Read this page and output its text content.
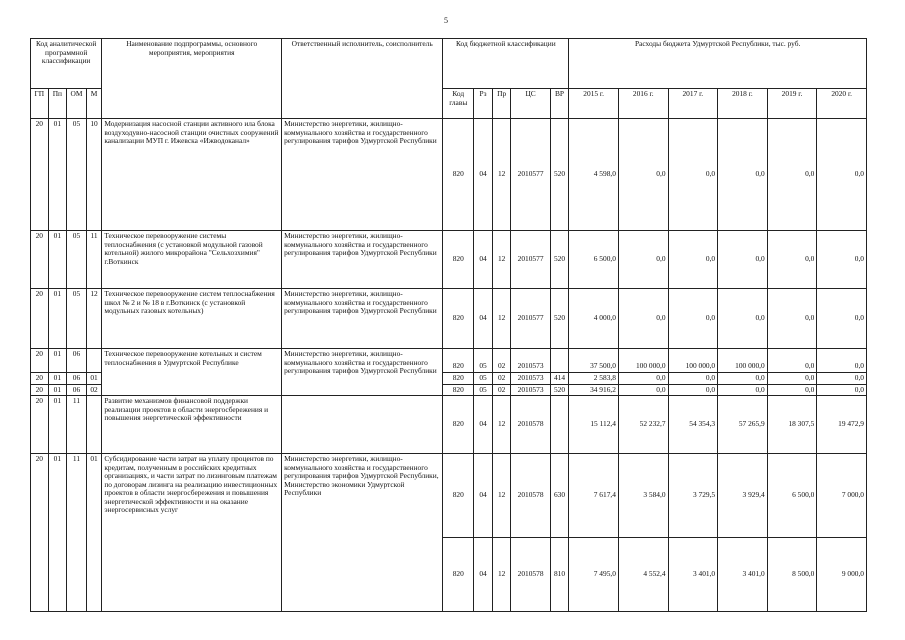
5
Код аналитической программной классификации				Наименование подпрограммы, основного мероприятия, мероприятия	Ответственный исполнитель, соисполнитель	Код бюджетной классификации					Расходы бюджета Удмуртской Республики, тыс. руб.					
ГП	Пп	ОМ	М			Код главы	Рз	Пр	ЦС	ВР	2015 г.	2016 г.	2017 г.	2018 г.	2019 г.	2020 г.
20	01	05	10	Модернизация насосной станции активного ила блока воздуходувно-насосной станции очистных сооружений канализации МУП г. Ижевска «Ижводоканал»	Министерство энергетики, жилищно-коммунального хозяйства и государственного регулирования тарифов Удмуртской Республики	820	04	12	2010577	520	4 598,0	0,0	0,0	0,0	0,0	0,0
20	01	05	11	Техническое перевооружение системы теплоснабжения (с установкой модульной газовой котельной) жилого микрорайона "Сельхозхимия" г.Воткинск	Министерство энергетики, жилищно-коммунального хозяйства и государственного регулирования тарифов Удмуртской Республики	820	04	12	2010577	520	6 500,0	0,0	0,0	0,0	0,0	0,0
20	01	05	12	Техническое перевооружение систем теплоснабжения школ № 2 и № 18 в г.Воткинск (с установкой модульных газовых котельных)	Министерство энергетики, жилищно-коммунального хозяйства и государственного регулирования тарифов Удмуртской Республики	820	04	12	2010577	520	4 000,0	0,0	0,0	0,0	0,0	0,0
20	01	06		Техническое перевооружение котельных и систем теплоснабжения в Удмуртской Республике	Министерство энергетики, жилищно-коммунального хозяйства и государственного регулирования тарифов Удмуртской Республики	820	05	02	2010573		37 500,0	100 000,0	100 000,0	100 000,0	0,0	0,0
20	01	06	01			820	05	02	2010573	414	2 583,8	0,0	0,0	0,0	0,0	0,0
20	01	06	02			820	05	02	2010573	520	34 916,2	0,0	0,0	0,0	0,0	0,0
20	01	11		Развитие механизмов финансовой поддержки реализации проектов в области энергосбережения и повышения энергетической эффективности		820	04	12	2010578		15 112,4	52 232,7	54 354,3	57 265,9	18 307,5	19 472,9
20	01	11	01	Субсидирование части затрат на уплату процентов по кредитам, полученным в российских кредитных организациях, и части затрат по лизинговым платежам по договорам лизинга на реализацию инвестиционных проектов в области энергосбережения и повышения энергетической эффективности и на оказание энергосервисных услуг	Министерство энергетики, жилищно-коммунального хозяйства и государственного регулирования тарифов Удмуртской Республики, Министерство экономики Удмуртской Республики	820	04	12	2010578	630	7 617,4	3 584,0	3 729,5	3 929,4	6 500,0	7 000,0
						820	04	12	2010578	810	7 495,0	4 552,4	3 401,0	3 401,0	8 500,0	9 000,0
